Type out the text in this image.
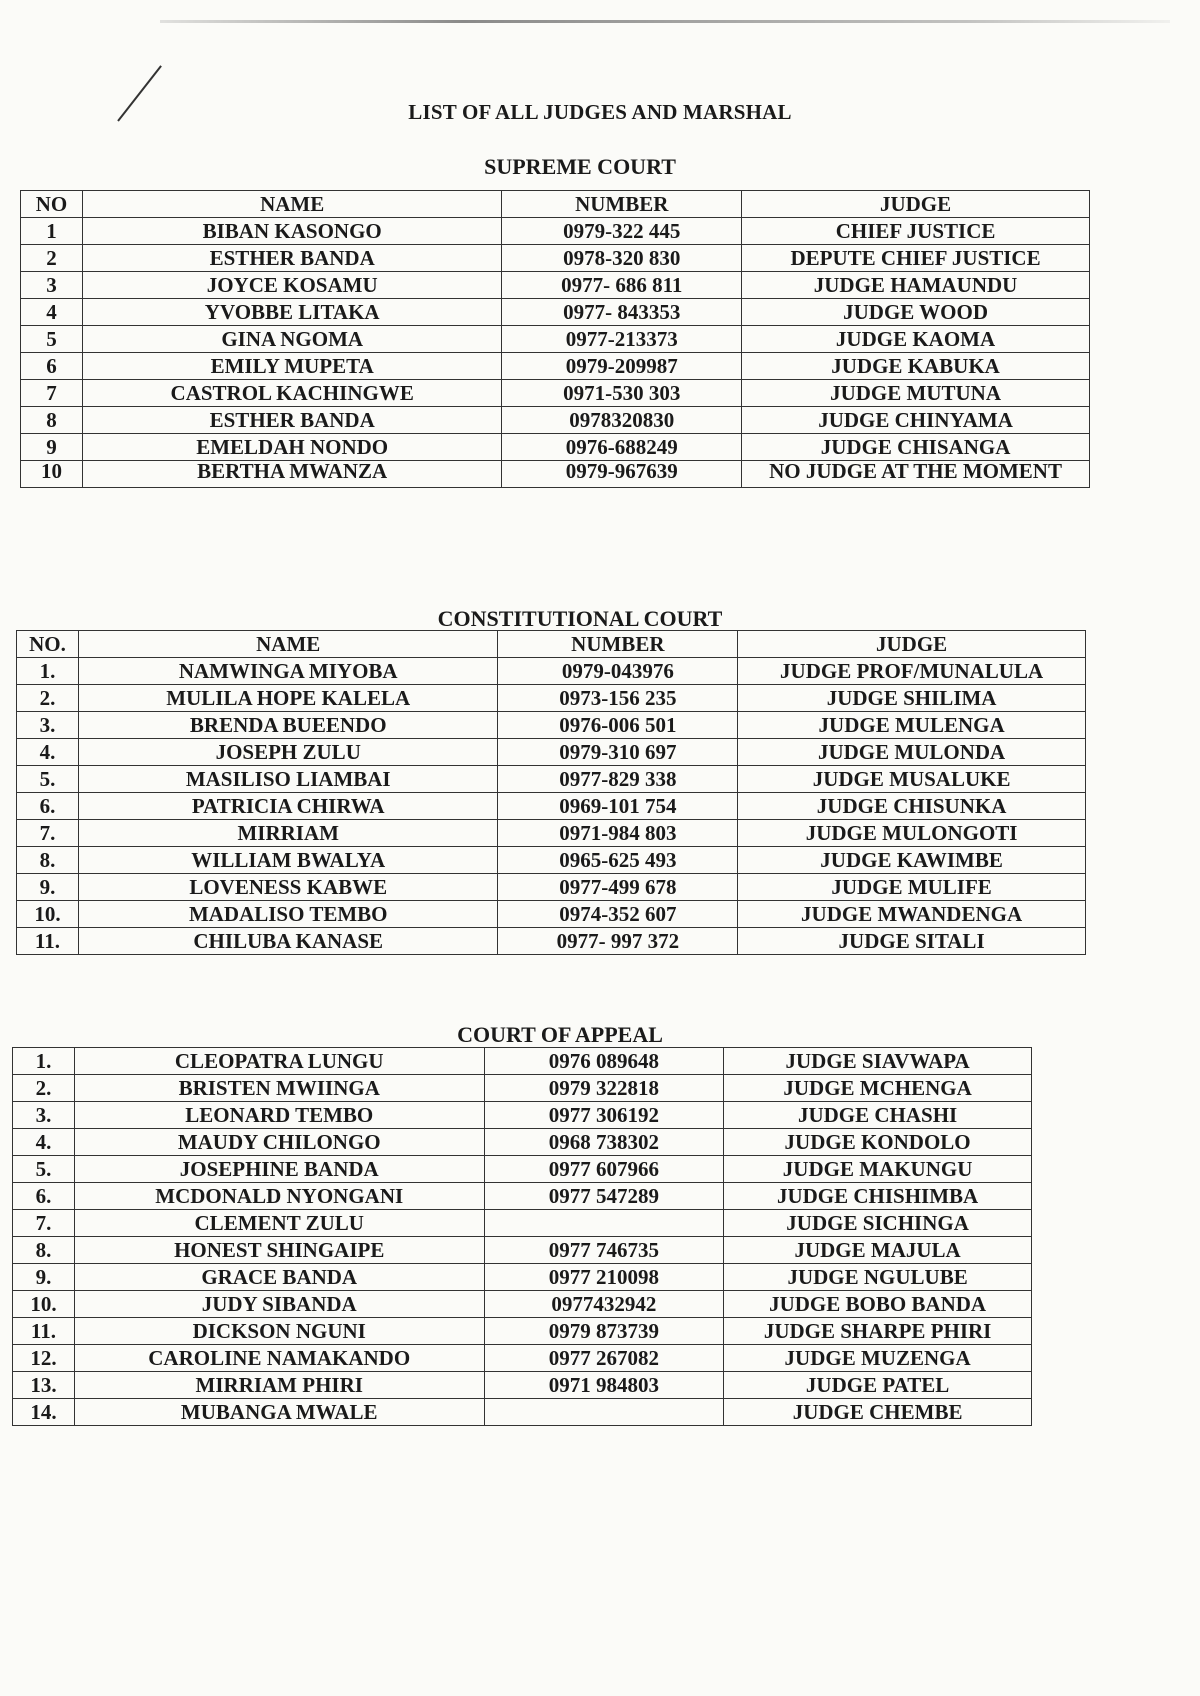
LIST OF ALL JUDGES AND MARSHAL
SUPREME COURT
NO	NAME	NUMBER	JUDGE
1	BIBAN KASONGO	0979-322 445	CHIEF JUSTICE
2	ESTHER BANDA	0978-320 830	DEPUTE CHIEF JUSTICE
3	JOYCE KOSAMU	0977- 686 811	JUDGE HAMAUNDU
4	YVOBBE LITAKA	0977- 843353	JUDGE WOOD
5	GINA NGOMA	0977-213373	JUDGE KAOMA
6	EMILY MUPETA	0979-209987	JUDGE KABUKA
7	CASTROL KACHINGWE	0971-530 303	JUDGE MUTUNA
8	ESTHER BANDA	0978320830	JUDGE CHINYAMA
9	EMELDAH NONDO	0976-688249	JUDGE CHISANGA
10	BERTHA MWANZA	0979-967639	NO JUDGE AT THE MOMENT
CONSTITUTIONAL COURT
NO.	NAME	NUMBER	JUDGE
1.	NAMWINGA MIYOBA	0979-043976	JUDGE PROF/MUNALULA
2.	MULILA HOPE KALELA	0973-156 235	JUDGE SHILIMA
3.	BRENDA BUEENDO	0976-006 501	JUDGE MULENGA
4.	JOSEPH ZULU	0979-310 697	JUDGE MULONDA
5.	MASILISO LIAMBAI	0977-829 338	JUDGE MUSALUKE
6.	PATRICIA CHIRWA	0969-101 754	JUDGE CHISUNKA
7.	MIRRIAM	0971-984 803	JUDGE MULONGOTI
8.	WILLIAM BWALYA	0965-625 493	JUDGE KAWIMBE
9.	LOVENESS KABWE	0977-499 678	JUDGE MULIFE
10.	MADALISO TEMBO	0974-352 607	JUDGE MWANDENGA
11.	CHILUBA KANASE	0977- 997 372	JUDGE SITALI
COURT OF APPEAL
1.	CLEOPATRA LUNGU	0976 089648	JUDGE SIAVWAPA
2.	BRISTEN MWIINGA	0979 322818	JUDGE MCHENGA
3.	LEONARD TEMBO	0977 306192	JUDGE CHASHI
4.	MAUDY CHILONGO	0968 738302	JUDGE KONDOLO
5.	JOSEPHINE BANDA	0977 607966	JUDGE MAKUNGU
6.	MCDONALD NYONGANI	0977 547289	JUDGE CHISHIMBA
7.	CLEMENT ZULU		JUDGE SICHINGA
8.	HONEST SHINGAIPE	0977 746735	JUDGE MAJULA
9.	GRACE BANDA	0977 210098	JUDGE NGULUBE
10.	JUDY SIBANDA	0977432942	JUDGE BOBO BANDA
11.	DICKSON NGUNI	0979 873739	JUDGE SHARPE PHIRI
12.	CAROLINE NAMAKANDO	0977 267082	JUDGE MUZENGA
13.	MIRRIAM PHIRI	0971 984803	JUDGE PATEL
14.	MUBANGA MWALE		JUDGE CHEMBE
